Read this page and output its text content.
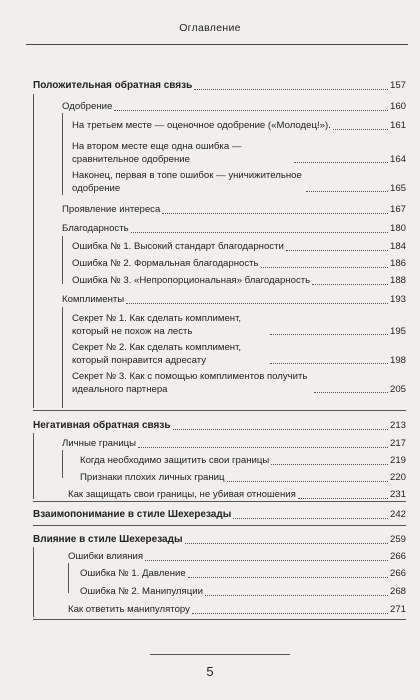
Оглавление
Положительная обратная связь	157
Одобрение	160
На третьем месте — оценочное одобрение («Молодец!»).	161
На втором месте еще одна ошибка — сравнительное одобрение	164
Наконец, первая в топе ошибок — уничижительное одобрение	165
Проявление интереса	167
Благодарность	180
Ошибка № 1. Высокий стандарт благодарности	184
Ошибка № 2. Формальная благодарность	186
Ошибка № 3. «Непропорциональная» благодарность	188
Комплименты	193
Секрет № 1. Как сделать комплимент, который не похож на лесть	195
Секрет № 2. Как сделать комплимент, который понравится адресату	198
Секрет № 3. Как с помощью комплиментов получить идеального партнера	205
Негативная обратная связь	213
Личные границы	217
Когда необходимо защитить свои границы	219
Признаки плохих личных границ	220
Как защищать свои границы, не убивая отношения	231
Взаимопонимание в стиле Шехерезады	242
Влияние в стиле Шехерезады	259
Ошибки влияния	266
Ошибка № 1. Давление	266
Ошибка № 2. Манипуляции	268
Как ответить манипулятору	271
5
